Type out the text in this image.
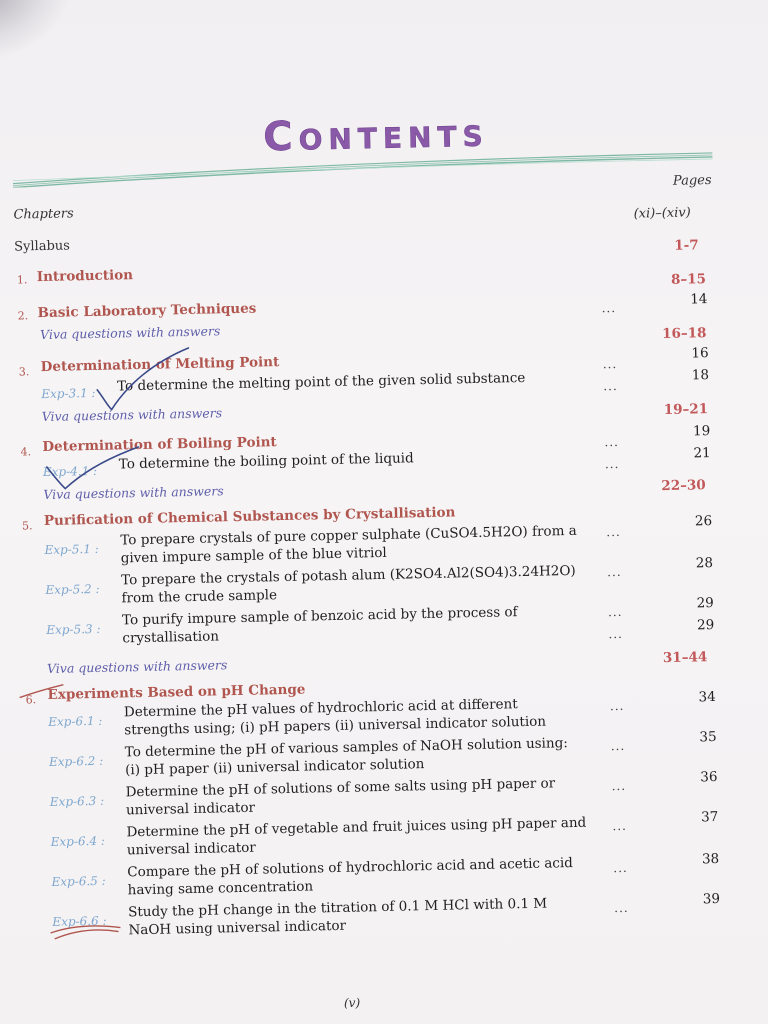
Contents
Pages
Chapters
Syllabus
(xi)–(xiv)
1. Introduction
1-7
2. Basic Laboratory Techniques
8–15
Viva questions with answers
...
14
3. Determination of Melting Point
16–18
Exp-3.1 : To determine the melting point of the given solid substance
...
16
Viva questions with answers
...
18
4. Determination of Boiling Point
19–21
Exp-4.1 : To determine the boiling point of the liquid
...
19
Viva questions with answers
...
21
5. Purification of Chemical Substances by Crystallisation
22–30
Exp-5.1 :
To prepare crystals of pure copper sulphate (CuSO4.5H2O) from a given impure sample of the blue vitriol
...
26
Exp-5.2 :
To prepare the crystals of potash alum (K2SO4.Al2(SO4)3.24H2O) from the crude sample
...
28
Exp-5.3 :
To purify impure sample of benzoic acid by the process of crystallisation
...
29
Viva questions with answers
...
29
6. Experiments Based on pH Change
31–44
Exp-6.1 :
Determine the pH values of hydrochloric acid at different strengths using; (i) pH papers (ii) universal indicator solution
...
34
Exp-6.2 :
To determine the pH of various samples of NaOH solution using: (i) pH paper (ii) universal indicator solution
...
35
Exp-6.3 :
Determine the pH of solutions of some salts using pH paper or universal indicator
...
36
Exp-6.4 :
Determine the pH of vegetable and fruit juices using pH paper and universal indicator
...
37
Exp-6.5 :
Compare the pH of solutions of hydrochloric acid and acetic acid having same concentration
...
38
Exp-6.6 :
Study the pH change in the titration of 0.1 M HCl with 0.1 M NaOH using universal indicator
...
39
(v)
